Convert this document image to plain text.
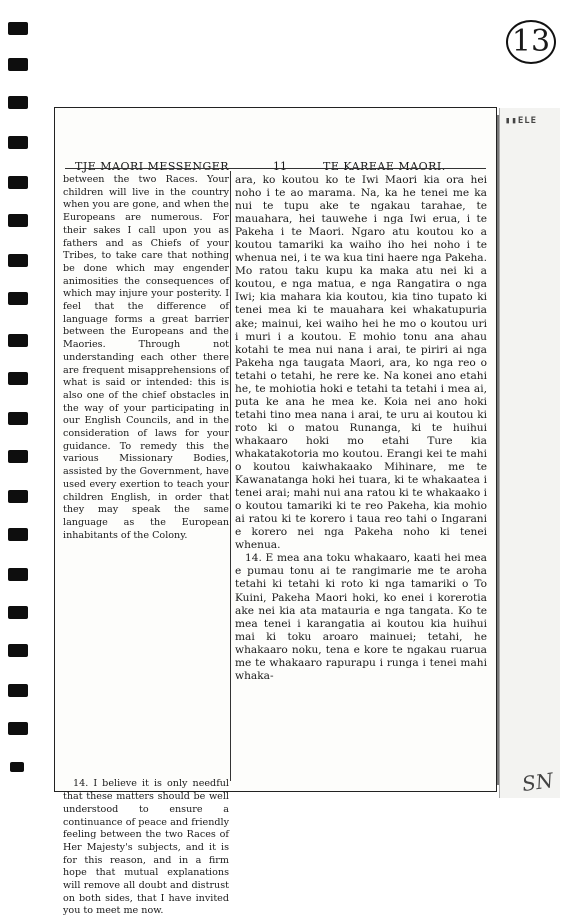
13
▮▮ELE
TJE MAORI MESSENGER	11	TE KAREAE MAORI.

between the two Races. Your children will live in the country when you are gone, and when the Europeans are numerous. For their sakes I call upon you as fathers and as Chiefs of your Tribes, to take care that nothing be done which may engender animosities the consequences of which may injure your posterity. I feel that the difference of language forms a great barrier between the Europeans and the Maories. Through not understanding each other there are frequent misapprehensions of what is said or intended: this is also one of the chief obstacles in the way of your participating in our English Councils, and in the consideration of laws for your guidance. To remedy this the various Missionary Bodies, assisted by the Government, have used every exertion to teach your children English, in order that they may speak the same language as the European inhabitants of the Colony.

14. I believe it is only needful that these matters should be well understood to ensure a continuance of peace and friendly feeling between the two Races of Her Majesty's subjects, and it is for this reason, and in a firm hope that mutual explanations will remove all doubt and distrust on both sides, that I have invited you to meet me now.

ara, ko koutou ko te Iwi Maori kia ora hei noho i te ao marama. Na, ka he tenei me ka nui te tupu ake te ngakau tarahae, te mauahara, hei tauwehe i nga Iwi erua, i te Pakeha i te Maori. Ngaro atu koutou ko a koutou tamariki ka waiho iho hei noho i te whenua nei, i te wa kua tini haere nga Pakeha. Mo ratou taku kupu ka maka atu nei ki a koutou, e nga matua, e nga Rangatira o nga Iwi; kia mahara kia koutou, kia tino tupato ki tenei mea ki te mauahara kei whakatupuria ake; mainui, kei waiho hei he mo o koutou uri i muri i a koutou. E mohio tonu ana ahau kotahi te mea nui nana i arai, te piriri ai nga Pakeha nga taugata Maori, ara, ko nga reo o tetahi o tetahi, he rere ke. Na konei ano etahi he, te mohiotia hoki e tetahi ta tetahi i mea ai, puta ke ana he mea ke. Koia nei ano hoki tetahi tino mea nana i arai, te uru ai koutou ki roto ki o matou Runanga, ki te huihui whakaaro hoki mo etahi Ture kia whakatakotoria mo koutou. Erangi kei te mahi o koutou kaiwhakaako Mihinare, me te Kawanatanga hoki hei tuara, ki te whakaatea i tenei arai; mahi nui ana ratou ki te whakaako i o koutou tamariki ki te reo Pakeha, kia mohio ai ratou ki te korero i taua reo tahi o Ingarani e korero nei nga Pakeha noho ki tenei whenua.

14. E mea ana toku whakaaro, kaati hei mea e pumau tonu ai te rangimarie me te aroha tetahi ki tetahi ki roto ki nga tamariki o To Kuini, Pakeha Maori hoki, ko enei i korerotia ake nei kia ata matauria e nga tangata. Ko te mea tenei i karangatia ai koutou kia huihui mai ki toku aroaro mainuei; tetahi, he whakaaro noku, tena e kore te ngakau ruarua me te whakaaro rapurapu i runga i tenei mahi whaka-

SN
